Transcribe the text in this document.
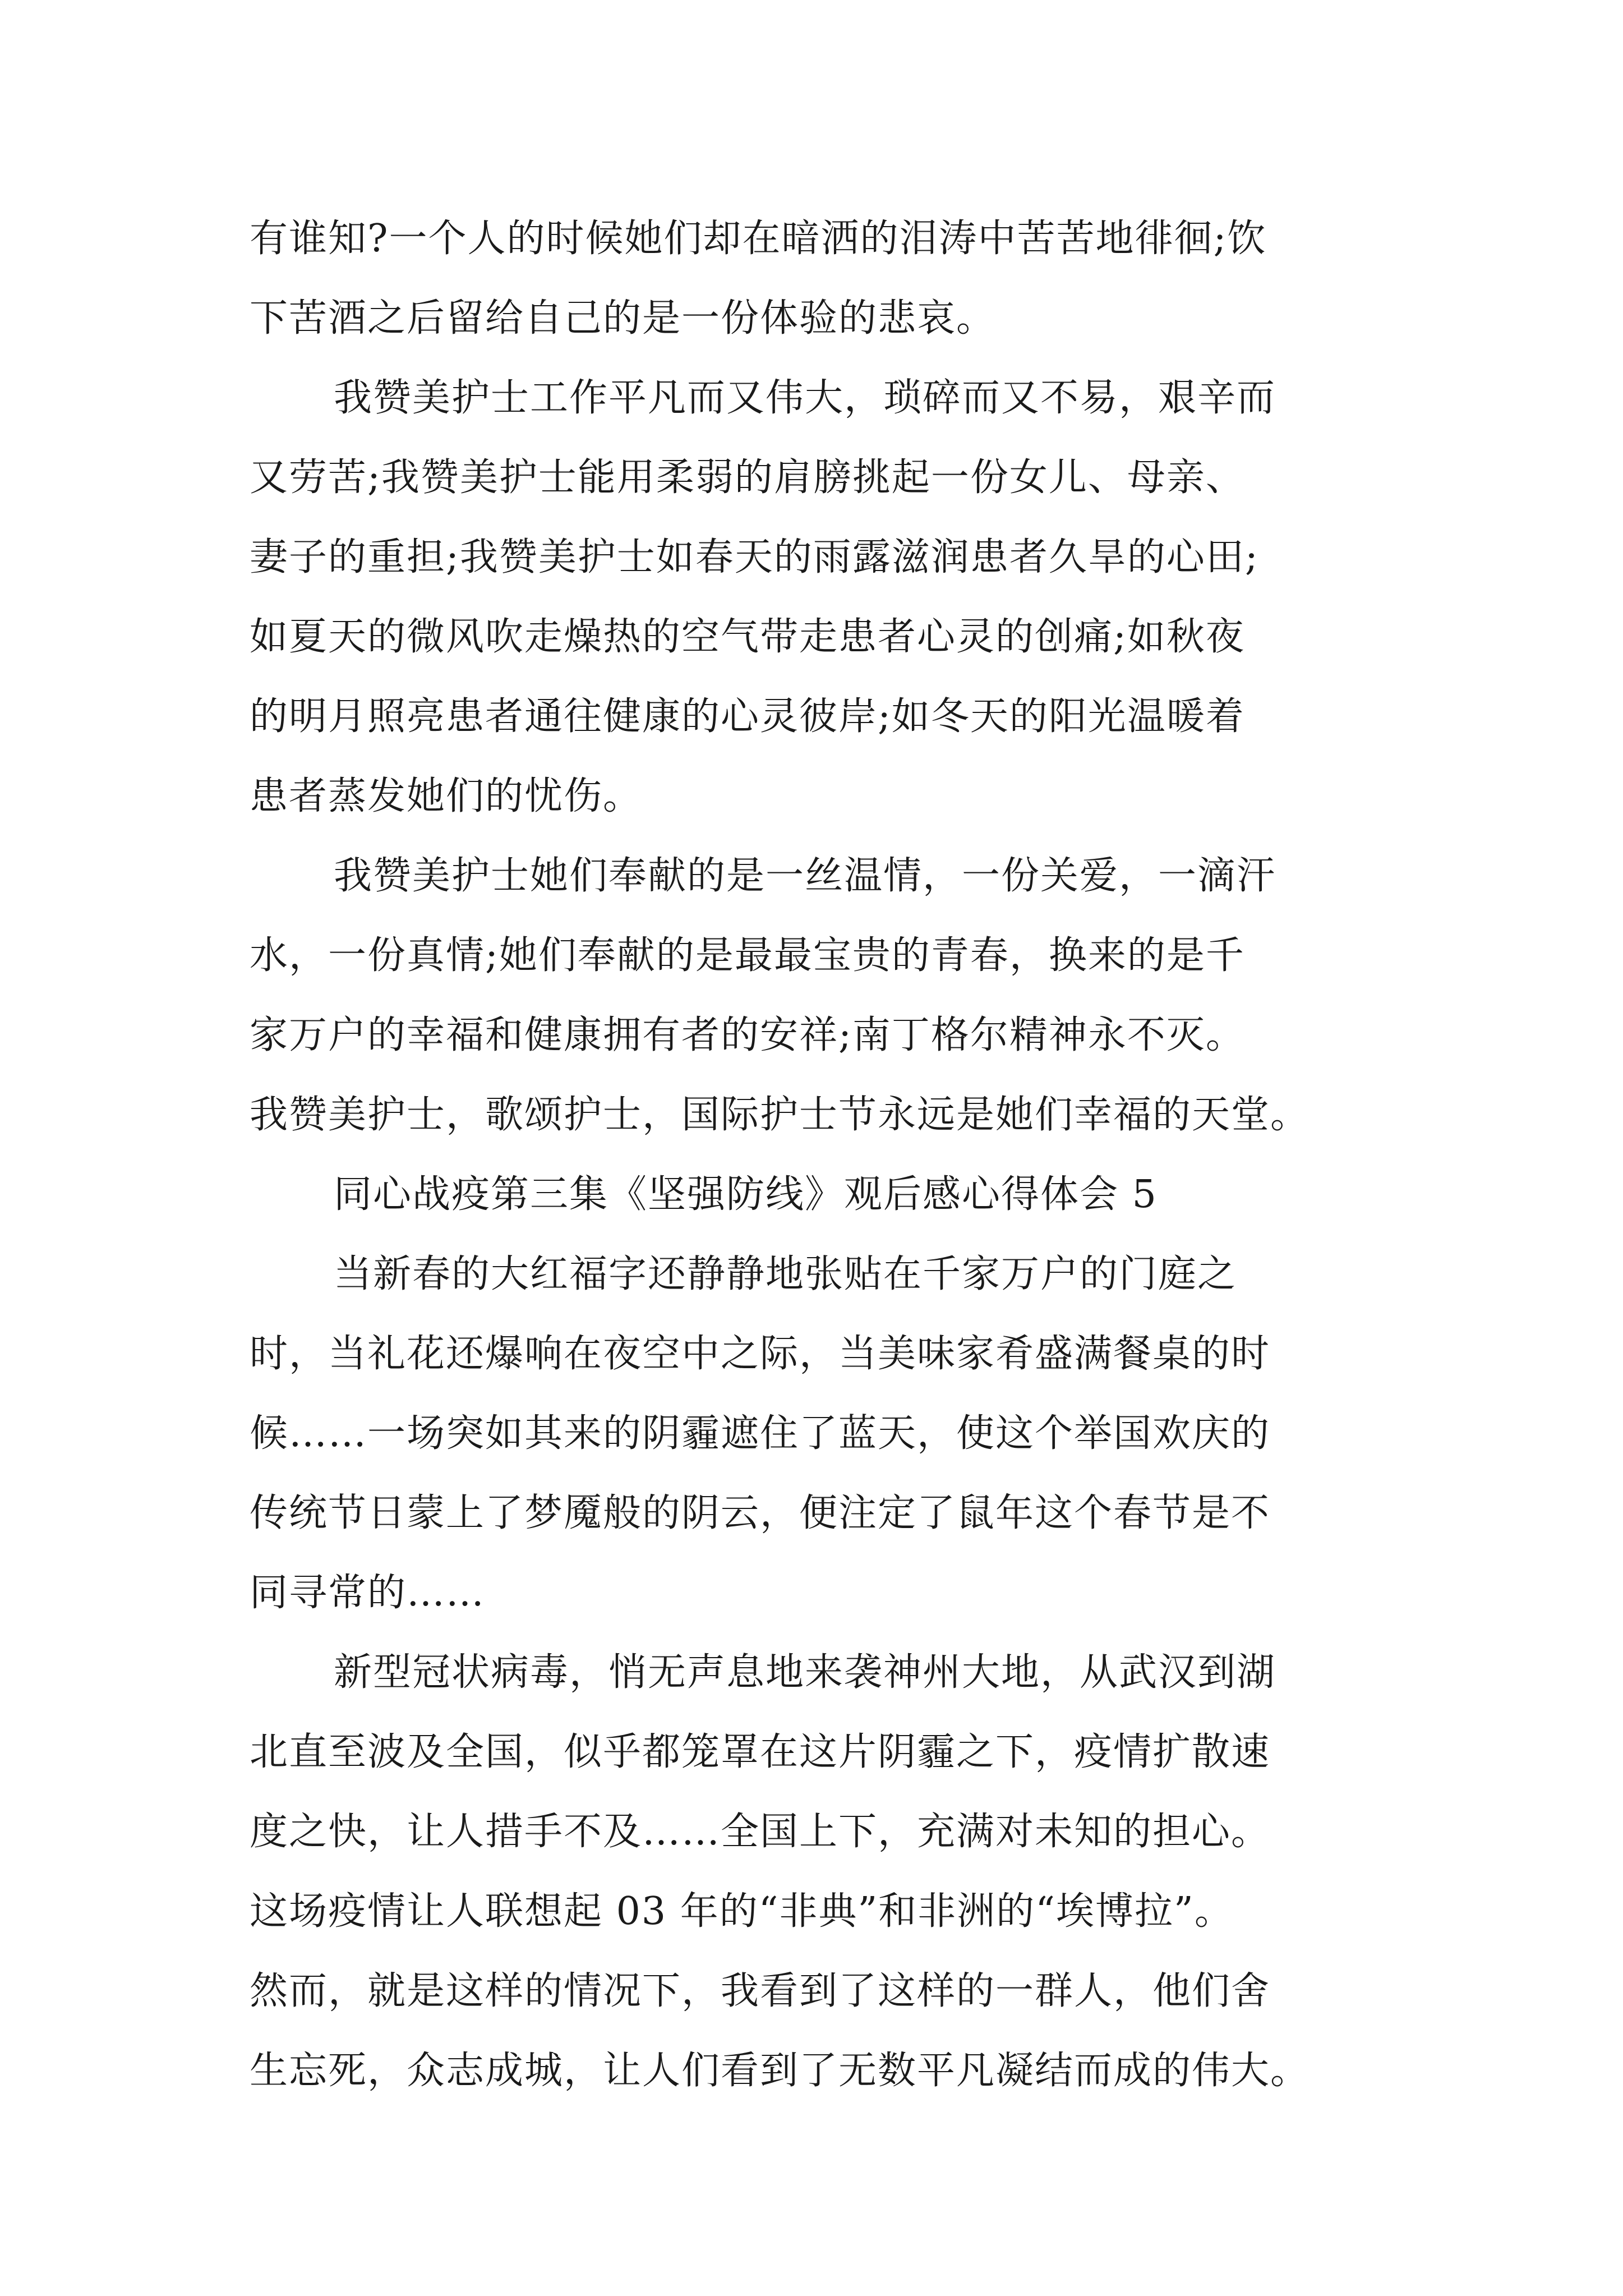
有谁知?一个人的时候她们却在暗洒的泪涛中苦苦地徘徊;饮
下苦酒之后留给自己的是一份体验的悲哀。
我赞美护士工作平凡而又伟大，琐碎而又不易，艰辛而
又劳苦;我赞美护士能用柔弱的肩膀挑起一份女儿、母亲、
妻子的重担;我赞美护士如春天的雨露滋润患者久旱的心田;
如夏天的微风吹走燥热的空气带走患者心灵的创痛;如秋夜
的明月照亮患者通往健康的心灵彼岸;如冬天的阳光温暖着
患者蒸发她们的忧伤。
我赞美护士她们奉献的是一丝温情，一份关爱，一滴汗
水，一份真情;她们奉献的是最最宝贵的青春，换来的是千
家万户的幸福和健康拥有者的安祥;南丁格尔精神永不灭。
我赞美护士，歌颂护士，国际护士节永远是她们幸福的天堂。
同心战疫第三集《坚强防线》观后感心得体会 5
当新春的大红福字还静静地张贴在千家万户的门庭之
时，当礼花还爆响在夜空中之际，当美味家肴盛满餐桌的时
候……一场突如其来的阴霾遮住了蓝天，使这个举国欢庆的
传统节日蒙上了梦魇般的阴云，便注定了鼠年这个春节是不
同寻常的……
新型冠状病毒，悄无声息地来袭神州大地，从武汉到湖
北直至波及全国，似乎都笼罩在这片阴霾之下，疫情扩散速
度之快，让人措手不及……全国上下，充满对未知的担心。
这场疫情让人联想起 03 年的“非典”和非洲的“埃博拉”。
然而，就是这样的情况下，我看到了这样的一群人，他们舍
生忘死，众志成城，让人们看到了无数平凡凝结而成的伟大。
